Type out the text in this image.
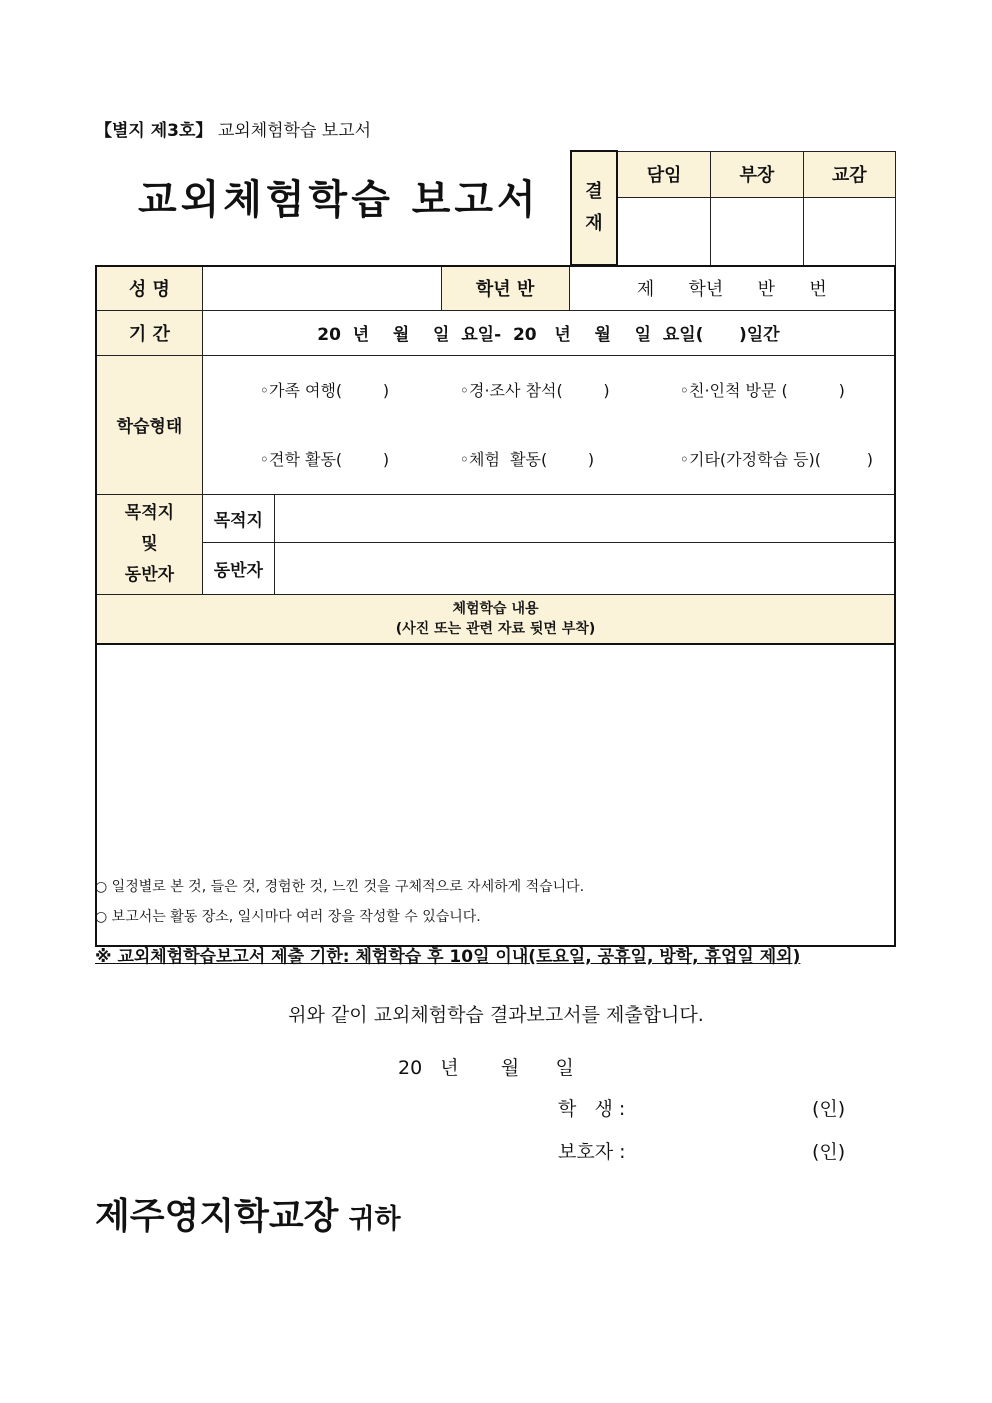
【별지 제3호】 교외체험학습 보고서
교외체험학습 보고서	결
재	담임	부장	교감

성 명			학년 반	제      학년      반      번
기 간	20  년    월    일  요일-  20   년    월    일  요일(      )일간			
학습형태	◦가족 여행(        ) ◦경·조사 참석(        ) ◦친·인척 방문 (          )

◦견학 활동(        ) ◦체험  활동(        ) ◦기타(가정학습 등)(         )			

목적지
및
동반자	목적지			
	동반자			

체험학습 내용
(사진 또는 관련 자료 뒷면 부착)				

○ 일정별로 본 것, 들은 것, 경험한 것, 느낀 것을 구체적으로 자세하게 적습니다.
○ 보고서는 활동 장소, 일시마다 여러 장을 작성할 수 있습니다.
※ 교외체험학습보고서 제출 기한: 체험학습 후 10일 이내(토요일, 공휴일, 방학, 휴업일 제외)
위와 같이 교외체험학습 결과보고서를 제출합니다.
20   년       월      일
학   생 :	(인)
보호자 :	(인)
제주영지학교장 귀하
